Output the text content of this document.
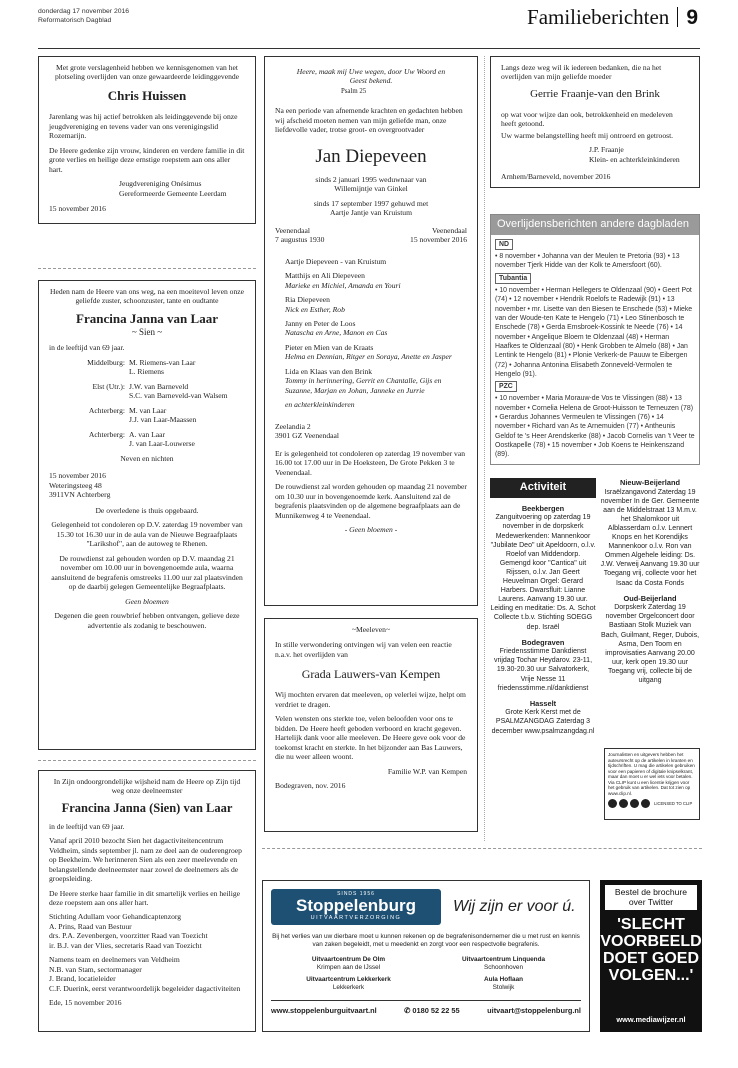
donderdag 17 november 2016
Reformatorisch Dagblad	Familieberichten 9

Met grote verslagenheid hebben we kennisgenomen van het plotseling overlijden van onze gewaardeerde leidinggevende

Chris Huissen

Jarenlang was hij actief betrokken als leidinggevende bij onze jeugdvereniging en tevens vader van ons verenigingslid Rozemarijn.

De Heere gedenke zijn vrouw, kinderen en verdere familie in dit grote verlies en heilige deze ernstige roepstem aan ons aller hart.

Jeugdvereniging Onésimus
Gereformeerde Gemeente Leerdam
15 november 2016

Heden nam de Heere van ons weg, na een moeitevol leven onze geliefde zuster, schoonzuster, tante en oudtante

Francina Janna van Laar
~ Sien ~

in de leeftijd van 69 jaar.

Middelburg: M. Riemens-van Laar
L. Riemens
Elst (Utr.): J.W. van Barneveld
S.C. van Barneveld-van Walsem
Achterberg: M. van Laar
J.J. van Laar-Maassen
Achterberg: A. van Laar
J. van Laar-Louwerse

Neven en nichten

15 november 2016
Weteringsteeg 48
3911VN Achterberg

De overledene is thuis opgebaard.

Gelegenheid tot condoleren op D.V. zaterdag 19 november van 15.30 tot 16.30 uur in de aula van de Nieuwe Begraafplaats "Larikshof", aan de autoweg te Rhenen.

De rouwdienst zal gehouden worden op D.V. maandag 21 november om 10.00 uur in bovengenoemde aula, waarna aansluitend de begrafenis omstreeks 11.00 uur zal plaatsvinden op de daarbij gelegen Gemeentelijke Begraafplaats.

Geen bloemen

Degenen die geen rouwbrief hebben ontvangen, gelieve deze advertentie als zodanig te beschouwen.

In Zijn ondoorgrondelijke wijsheid nam de Heere op Zijn tijd weg onze deelneemster

Francina Janna (Sien) van Laar

in de leeftijd van 69 jaar.

Vanaf april 2010 bezocht Sien het dagactiviteitencentrum Veldheim, sinds september jl. nam ze deel aan de ouderengroep op Beekheim. We herinneren Sien als een zeer meelevende en belangstellende deelneemster naar zowel de deelnemers als de groepsleiding.

De Heere sterke haar familie in dit smartelijk verlies en heilige deze roepstem aan ons aller hart.

Stichting Adullam voor Gehandicaptenzorg
A. Prins, Raad van Bestuur
drs. P.A. Zevenbergen, voorzitter Raad van Toezicht
ir. B.J. van der Vlies, secretaris Raad van Toezicht
Namens team en deelnemers van Veldheim
N.B. van Stam, sectormanager
J. Brand, locatieleider
C.F. Duerink, eerst verantwoordelijk begeleider dagactiviteiten
Ede, 15 november 2016

Heere, maak mij Uwe wegen, door Uw Woord en Geest bekend.

Psalm 25

Na een periode van afnemende krachten en gedachten hebben wij afscheid moeten nemen van mijn geliefde man, onze liefdevolle vader, trotse groot- en overgrootvader

Jan Diepeveen
sinds 2 januari 1995 weduwnaar van
Willemijntje van Ginkel
sinds 17 september 1997 gehuwd met
Aartje Jantje van Kruistum
Veenendaal
7 augustus 1930
Veenendaal
15 november 2016
Aartje Diepeveen - van Kruistum
Matthijs en Ali Diepeveen
Marieke en Michiel, Amanda en Youri
Ria Diepeveen
Nick en Esther, Rob
Janny en Peter de Loos
Natascha en Arne, Manon en Cas
Pieter en Mien van de Kraats
Helma en Dennian, Ritger en Soraya, Anette en Jasper
Lida en Klaas van den Brink
Tommy in herinnering, Gerrit en Chantalle, Gijs en Suzanne, Marjan en Johan, Janneke en Jurrie
en achterkleinkinderen
Zeelandia 2
3901 GZ Veenendaal

Er is gelegenheid tot condoleren op zaterdag 19 november van 16.00 tot 17.00 uur in De Hoeksteen, De Grote Pekken 3 te Veenendaal.

De rouwdienst zal worden gehouden op maandag 21 november om 10.30 uur in bovengenoemde kerk. Aansluitend zal de begrafenis plaatsvinden op de algemene begraafplaats aan de Munnikenweg 4 te Veenendaal.

- Geen bloemen -

~Meeleven~

In stille verwondering ontvingen wij van velen een reactie n.a.v. het overlijden van

Grada Lauwers-van Kempen

Wij mochten ervaren dat meeleven, op velerlei wijze, helpt om verdriet te dragen.

Velen wensten ons sterkte toe, velen beloofden voor ons te bidden. De Heere heeft geboden verboord en kracht gegeven. Hartelijk dank voor alle meeleven. De Heere geve ook voor de toekomst kracht en sterkte. In het bijzonder aan Bas Lauwers, die nu weer alleen woont.

Familie W.P. van Kempen

Bodegraven, nov. 2016

Langs deze weg wil ik iedereen bedanken, die na het overlijden van mijn geliefde moeder

Gerrie Fraanje-van den Brink

op wat voor wijze dan ook, betrokkenheid en medeleven heeft getoond.

Uw warme belangstelling heeft mij ontroerd en getroost.

J.P. Fraanje
Klein- en achterkleinkinderen
Arnhem/Barneveld, november 2016
Overlijdensberichten andere dagbladen
ND
• 8 november • Johanna van der Meulen te Pretoria (93) • 13 november Tjerk Hidde van der Kolk te Amersfoort (60).
Tubantia
• 10 november • Herman Hellegers te Oldenzaal (90) • Geert Pot (74) • 12 november • Hendrik Roelofs te Radewijk (91) • 13 november • mr. Lisette van den Biesen te Enschede (53) • Mieke van der Woude-ten Kate te Hengelo (71) • Leo Stinenbosch te Enschede (78) • Gerda Emsbroek-Kossink te Neede (76) • 14 november • Angelique Bloem te Oldenzaal (48) • Herman Haafkes te Oldenzaal (80) • Henk Grobben te Almelo (88) • Jan Lentink te Hengelo (81) • Plonie Verkerk-de Pauuw te Eibergen (72) • Johanna Antonina Elisabeth Zonneveld-Vermolen te Hengelo (91).
PZC
• 10 november • Maria Morauw-de Vos te Vlissingen (88) • 13 november • Cornelia Helena de Groot-Huisson te Terneuzen (78) • Gerardus Johannes Vermeulen te Vlissingen (76) • 14 november • Richard van As te Arnemuiden (77) • Antheunis Geldof te 's Heer Arendskerke (88) • Jacob Cornelis van 't Veer te Oostkapelle (78) • 15 november • Job Koens te Heinkenszand (89).
Activiteit
Beekbergen
Zanguitvoering op zaterdag 19 november in de dorpskerk Medewerkenden: Mannenkoor "Jubilate Deo" uit Apeldoorn, o.l.v. Roelof van Middendorp. Gemengd koor "Cantica" uit Rijssen, o.l.v. Jan Geert Heuvelman Orgel: Gerard Harbers. Dwarsfluit: Lianne Laurens. Aanvang 19.30 uur. Leiding en meditatie: Ds. A. Schot Collecte t.b.v. Stichting SOEGG dep. Israël
Bodegraven
Friedensstimme Dankdienst vrijdag Tochar Heydarov. 23-11, 19.30-20.30 uur Salvatorkerk, Vrije Nesse 11 friedensstimme.nl/dankdienst
Hasselt
Grote Kerk Kerst met de PSALMZANGDAG Zaterdag 3 december www.psalmzangdag.nl
Nieuw-Beijerland
Israëlzangavond Zaterdag 19 november In de Ger. Gemeente aan de Middelstraat 13 M.m.v. het Shalomkoor uit Alblasserdam o.l.v. Lennert Knops en het Korendijks Mannenkoor o.l.v. Ron van Ommen Algehele leiding: Ds. J.W. Verweij Aanvang 19.30 uur Toegang vrij, collecte voor het Isaac da Costa Fonds
Oud-Beijerland
Dorpskerk Zaterdag 19 november Orgelconcert door Bastiaan Stolk Muziek van Bach, Guilmant, Reger, Dubois, Asma, Den Toom en improvisaties Aanvang 20.00 uur, kerk open 19.30 uur Toegang vrij, collecte bij de uitgang
Journalisten en uitgevers hebben het auteursrecht op de artikelen in kranten en tijdschriften. U mag die artikelen gebruiken voor een papieren of digitale knipselkrant, maar dan moet u er wel iets voor betalen. Via CLIP kunt u een licentie krijgen voor het gebruik van artikelen. Dat tot zien op www.clip.nl.
LICENSED TO CLIP
SINDS 1956
Stoppelenburg
UITVAARTVERZORGING
Wij zijn er voor ú.
Bij het verlies van uw dierbare moet u kunnen rekenen op de begrafenisondernemer die u met rust en kennis van zaken begeleidt, met u meedenkt en zorgt voor een respectvolle begrafenis.
Uitvaartcentrum De Olm
Krimpen aan de IJssel
Uitvaartcentrum Linquenda
Schoonhoven
Uitvaartcentrum Lekkerkerk
Lekkerkerk
Aula Hoflaan
Stolwijk
www.stoppelenburguitvaart.nl	✆ 0180 52 22 55	uitvaart@stoppelenburg.nl
Bestel de brochure
over Twitter
'SLECHT
VOORBEELD
DOET GOED
VOLGEN...'
www.mediawijzer.nl
